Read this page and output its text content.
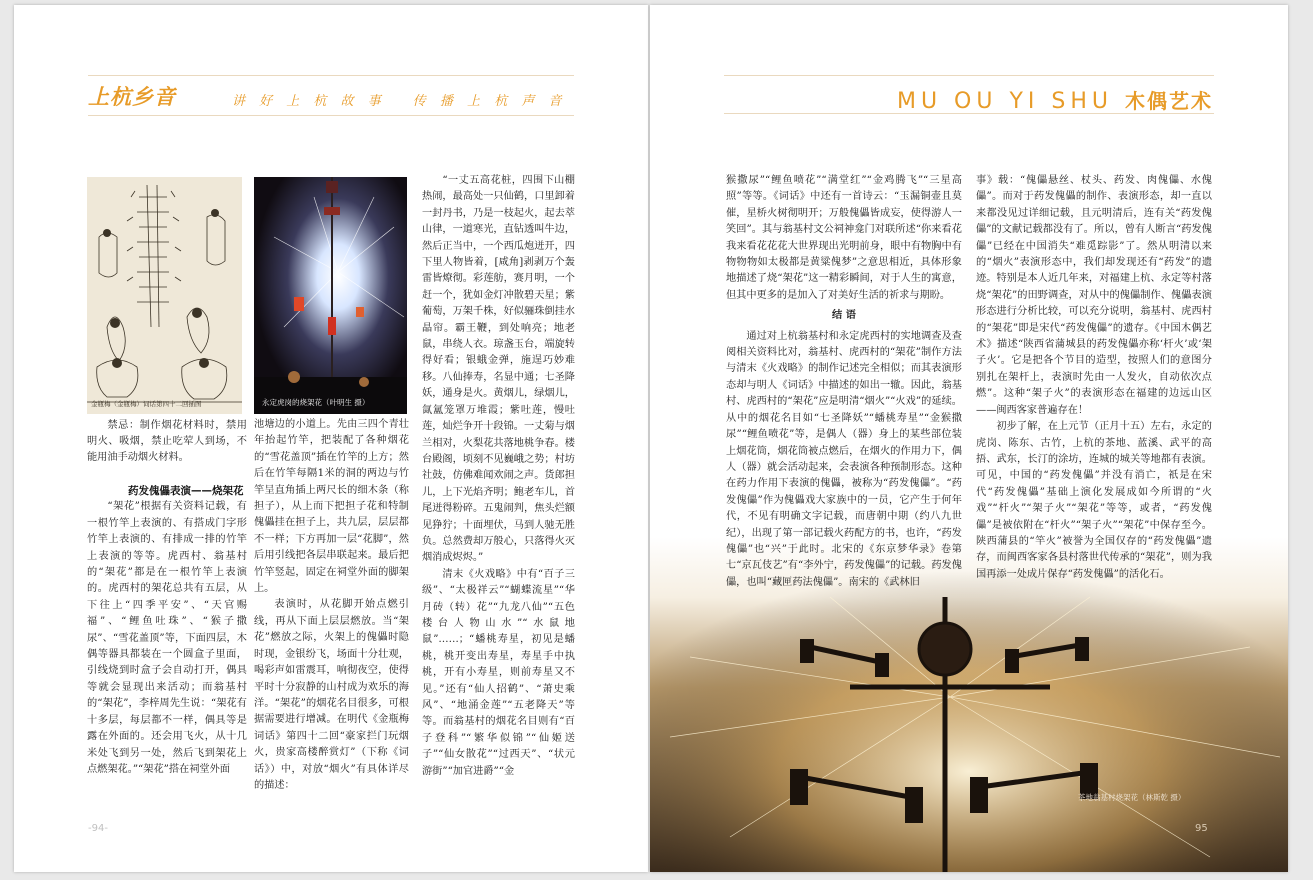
上杭乡音	讲 好 上 杭 故 事　 传 播 上 杭 声 音
金瓶梅（金瓶梅）词话第四十二回插图	永定虎岗的烧架花（叶明生 摄）
禁忌：制作烟花材料时，禁用明火、吸烟，禁止吃荤人到场，不能用油手动烟火材料。

药发傀儡表演——烧架花

“架花”根据有关资料记载，有一根竹竿上表演的、有搭成门字形竹竿上表演的、有排成一排的竹竿上表演的等等。虎西村、翁基村的“架花”都是在一根竹竿上表演的。虎西村的架花总共有五层，从下往上“四季平安”、“天官赐福”、“鲤鱼吐珠”、“猴子撒尿”、“雪花盖顶”等，下面四层，木偶等器具都装在一个圆盒子里面，引线烧到时盒子会自动打开，偶具等就会显现出来活动；而翁基村的“架花”，李梓周先生说：“架花有十多层，每层都不一样，偶具等是露在外面的。还会用飞火，从十几米处飞到另一处，然后飞到架花上点燃架花。”“架花”搭在祠堂外面

池塘边的小道上。先由三四个青壮年抬起竹竿，把装配了各种烟花的“雪花盖顶”插在竹竿的上方；然后在竹竿每隔1米的洞的两边与竹竿呈直角插上两尺长的细木条（称担子），从上而下把担子花和特制傀儡挂在担子上，共九层，层层都不一样；下方再加一层“花脚”，然后用引线把各层串联起来。最后把竹竿竖起，固定在祠堂外面的脚架上。

表演时，从花脚开始点燃引线，再从下面上层层燃放。当“架花”燃放之际，火架上的傀儡时隐时现，金银纷飞，场面十分壮观，喝彩声如雷震耳，响彻夜空，使得平时十分寂静的山村成为欢乐的海洋。“架花”的烟花名目很多，可根据需要进行增减。在明代《金瓶梅词话》第四十二回“豪家拦门玩烟火，贵家高楼醉赏灯”（下称《词话》）中，对放“烟火”有具体详尽的描述：

“一丈五高花桩，四围下山棚热闹，最高处一只仙鹤，口里卸着一封丹书，乃是一枝起火，起去萃山律，一道寒光，直钻透叫牛边，然后正当中，一个西瓜炮迸开，四下里人物皆着，[咸角]剥剥万个轰雷皆燎彻。彩莲舫，赛月明，一个赶一个，犹如金灯冲散碧天星；紫葡萄，万架千株，好似骊珠倒挂水晶帘。霸王鞭，到处响亮；地老鼠，串绕人衣。琼盏玉台，端旋转得好看；银蛾金弹，施逞巧妙难移。八仙捧寿，名显中通；七圣降妖，通身是火。黄烟儿，绿烟儿，氤氲笼罩万堆霞；紫吐莲，慢吐莲，灿烂争开十段锦。一丈菊与烟兰相对，火梨花共落地桃争春。楼台殿阁，顷刻不见巍峨之势；村坊社鼓，仿佛难闻欢闹之声。货郎担儿，上下光焰齐明；鲍老车儿，首尾迸得粉碎。五鬼闹判，焦头烂额见狰狞；十面埋伏，马到人驰无胜负。总然费却万般心，只落得火灭烟消成烬烬。”

清末《火戏略》中有“百子三级”、“太极祥云”“蝴蝶流星”“华月砖（转）花”“九龙八仙”“五色楼台人物山水”“水鼠地鼠”……；“蟠桃寿星，初见是蟠桃，桃开变出寿星，寿星手中执桃，开有小寿星，则前寿星又不见。”还有“仙人招鹤”、“萧史乘风”、“地涌金莲”“五老降天”等等。而翁基村的烟花名目则有“百子登科”“繁华似锦”“仙姬送子”“仙女散花”“过西天”、“状元游街”“加官进爵”“金

-94-
MU OU YI SHU 木偶艺术
茶地翁基村烧架花（林斯乾 摄）

猴撒尿”“鲤鱼喷花”“满堂红”“金鸡腾飞”“三星高照”等等。《词话》中还有一首诗云：“玉漏铜壶且莫催，星桥火树彻明开；万般傀儡皆成妄，使得游人一笑回”。其与翁基村文公祠神龛门对联所述“你来看花我来看花花花大世界现出光明前身，眼中有物胸中有物物物如太极都是黄粱傀梦”之意思相近，具体形象地描述了烧“架花”这一精彩瞬间，对于人生的寓意，但其中更多的是加入了对美好生活的祈求与期盼。

结 语

通过对上杭翁基村和永定虎西村的实地调查及查阅相关资料比对，翁基村、虎西村的“架花”制作方法与清末《火戏略》的制作记述完全相似；而其表演形态却与明人《词话》中描述的如出一辙。因此，翁基村、虎西村的“架花”应是明清“烟火”“火戏”的延续。从中的烟花名目如“七圣降妖”“蟠桃寿星”“金猴撒尿”“鲤鱼喷花”等，是偶人（器）身上的某些部位装上烟花筒，烟花筒被点燃后，在烟火的作用力下，偶人（器）就会活动起来，会表演各种预制形态。这种在药力作用下表演的傀儡，被称为“药发傀儡”。“药发傀儡”作为傀儡戏大家族中的一员，它产生于何年代，不见有明确文字记载，而唐朝中期（约八九世纪），出现了第一部记载火药配方的书，也许，“药发傀儡”也“兴”于此时。北宋的《东京梦华录》卷第七“京瓦伎艺”有“李外宁，药发傀儡”的记载。药发傀儡，也叫“藏匣药法傀儡”。南宋的《武林旧

事》载：“傀儡悬丝、杖头、药发、肉傀儡、水傀儡”。而对于药发傀儡的制作、表演形态，却一直以来都没见过详细记载，且元明清后，连有关“药发傀儡”的文献记载都没有了。所以，曾有人断言“药发傀儡”已经在中国消失“难觅踪影”了。然从明清以来的“烟火”表演形态中，我们却发现还有“药发”的遗迹。特别是本人近几年来，对福建上杭、永定等村落烧“架花”的田野调查，对从中的傀儡制作、傀儡表演形态进行分析比较，可以充分说明，翁基村、虎西村的“架花”即是宋代“药发傀儡”的遗存。《中国木偶艺术》描述“陕西省蒲城县的药发傀儡亦称‘杆火’或‘架子火’。它是把各个节目的造型，按照人们的意图分别扎在架杆上，表演时先由一人发火，自动依次点燃”。这种“架子火”的表演形态在福建的边远山区——闽西客家普遍存在！

初步了解，在上元节（正月十五）左右，永定的虎岗、陈东、古竹，上杭的茶地、蓝溪、武平的高捂、武东，长汀的涂坊，连城的城关等地都有表演。可见，中国的“药发傀儡”并没有消亡，祇是在宋代“药发傀儡”基础上演化发展成如今所谓的“火戏”“杆火”“架子火”“架花”等等，或者，“药发傀儡”是被依附在“杆火”“架子火”“架花”中保存至今。陕西蒲县的“竿火”被誉为全国仅存的“药发傀儡”遗存，而闽西客家各县村落世代传承的“架花”，则为我国再添一处成片保存“药发傀儡”的活化石。

95
